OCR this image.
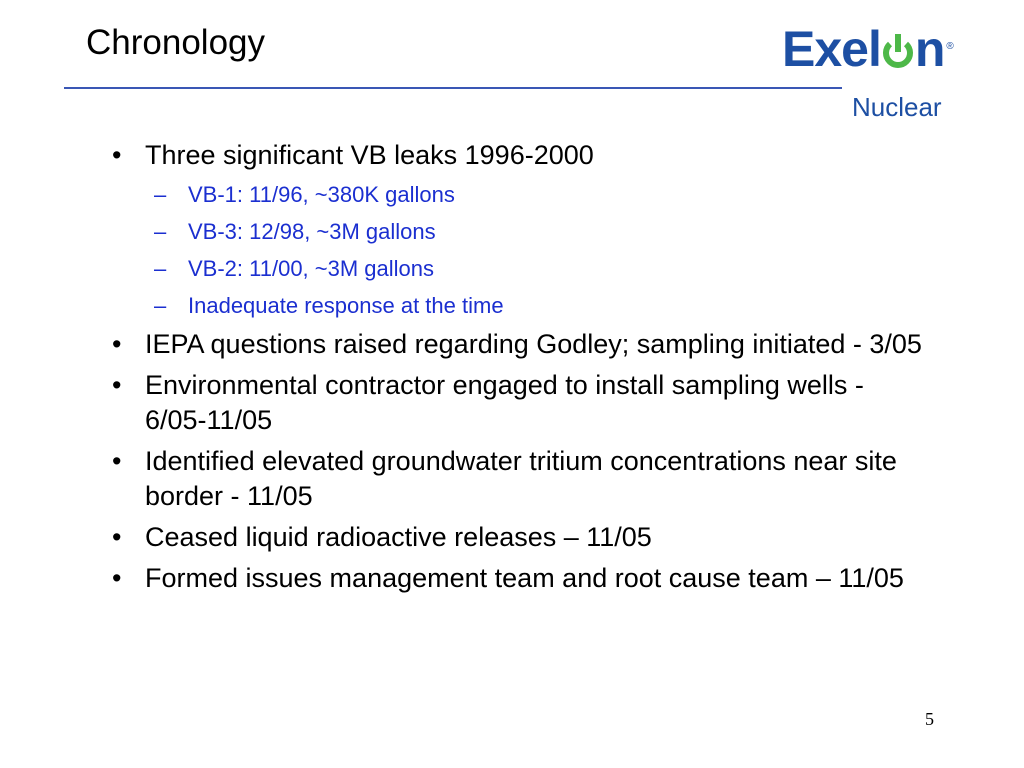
Chronology	Exel n ®
Nuclear
• Three significant VB leaks 1996-2000
– VB-1: 11/96, ~380K gallons
– VB-3: 12/98, ~3M gallons
– VB-2: 11/00, ~3M gallons
– Inadequate response at the time
• IEPA questions raised regarding Godley; sampling initiated - 3/05
• Environmental contractor engaged to install sampling wells - 6/05-11/05
• Identified elevated groundwater tritium concentrations near site border - 11/05
• Ceased liquid radioactive releases – 11/05
• Formed issues management team and root cause team – 11/05
5
